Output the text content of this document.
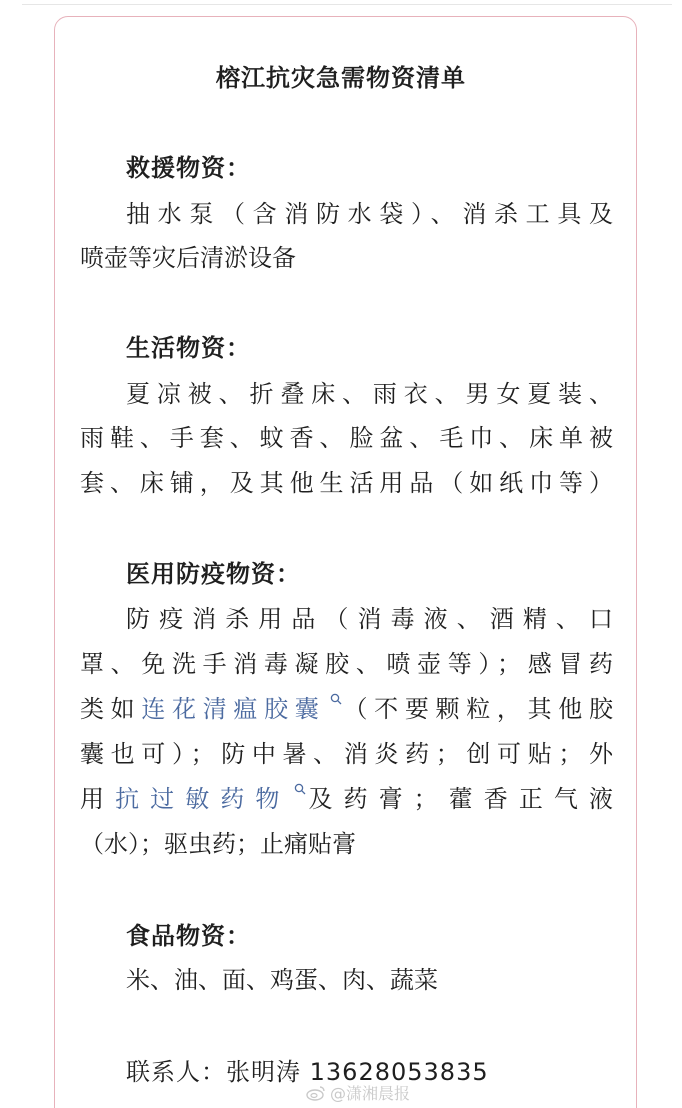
榕江抗灾急需物资清单
救援物资：
抽水泵（含消防水袋）、消杀工具及
喷壶等灾后清淤设备
生活物资：
夏凉被、折叠床、雨衣、男女夏装、
雨鞋、手套、蚊香、脸盆、毛巾、床单被
套、床铺，及其他生活用品（如纸巾等）
医用防疫物资：
防疫消杀用品（消毒液、酒精、口
罩、免洗手消毒凝胶、喷壶等）；感冒药
类如连花清瘟胶囊 （不要颗粒，其他胶
囊也可）；防中暑、消炎药；创可贴；外
用抗过敏药物 及药膏；藿香正气液
（水）；驱虫药；止痛贴膏
食品物资：
米、油、面、鸡蛋、肉、蔬菜
联系人：张明涛 13628053835
@潇湘晨报
